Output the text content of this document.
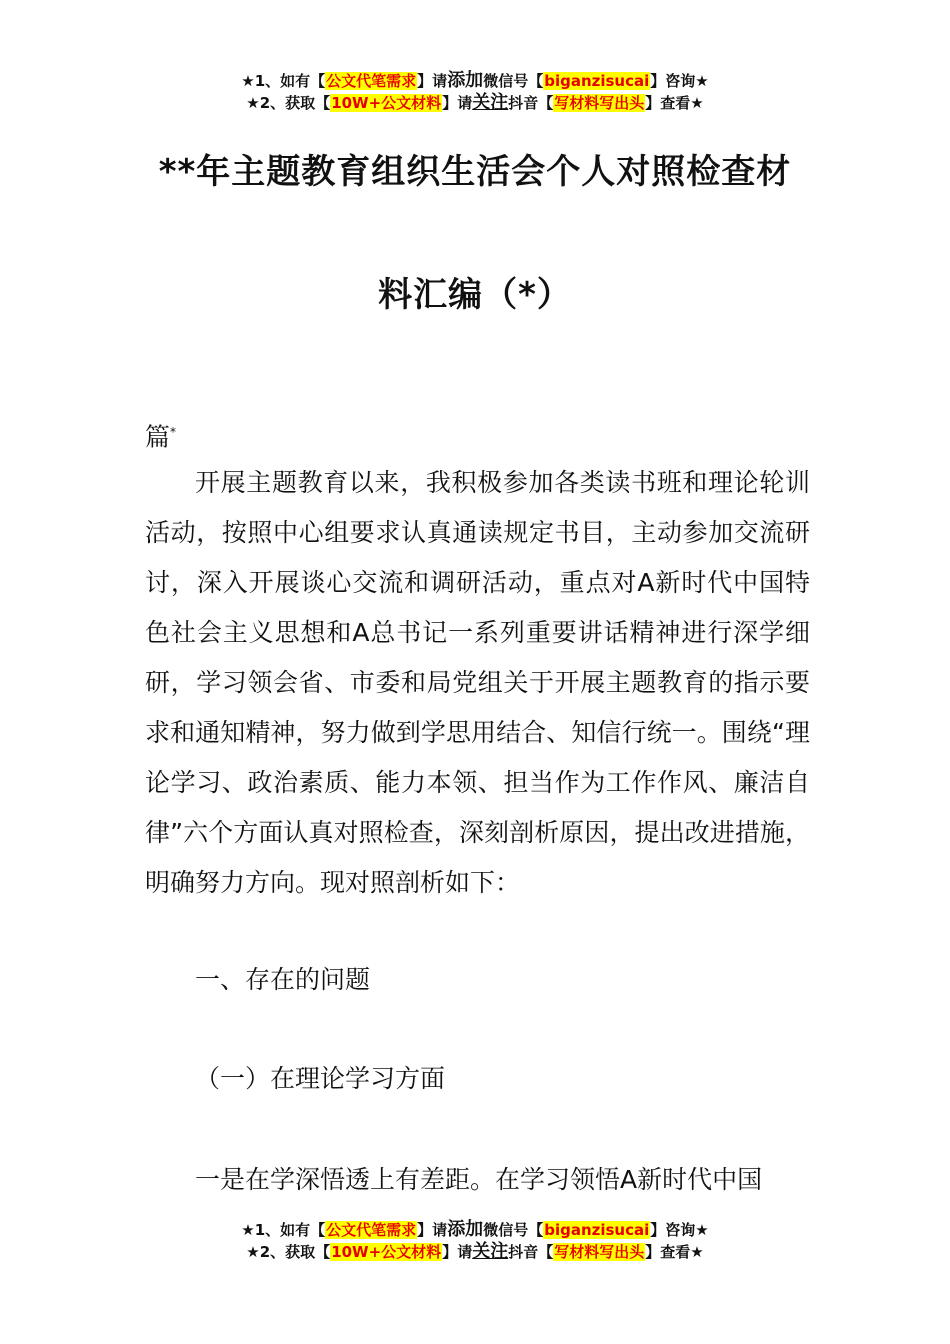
★1、如有【公文代笔需求】请添加微信号【biganzisucai】咨询★
★2、获取【10W+公文材料】请关注抖音【写材料写出头】查看★
**年主题教育组织生活会个人对照检查材
料汇编（*）
篇*

开展主题教育以来，我积极参加各类读书班和理论轮训活动，按照中心组要求认真通读规定书目，主动参加交流研讨，深入开展谈心交流和调研活动，重点对A新时代中国特色社会主义思想和A总书记一系列重要讲话精神进行深学细研，学习领会省、市委和局党组关于开展主题教育的指示要求和通知精神，努力做到学思用结合、知信行统一。围绕“理论学习、政治素质、能力本领、担当作为工作作风、廉洁自律”六个方面认真对照检查，深刻剖析原因，提出改进措施，明确努力方向。现对照剖析如下：

一、存在的问题
（一）在理论学习方面
一是在学深悟透上有差距。在学习领悟A新时代中国
★1、如有【公文代笔需求】请添加微信号【biganzisucai】咨询★
★2、获取【10W+公文材料】请关注抖音【写材料写出头】查看★
